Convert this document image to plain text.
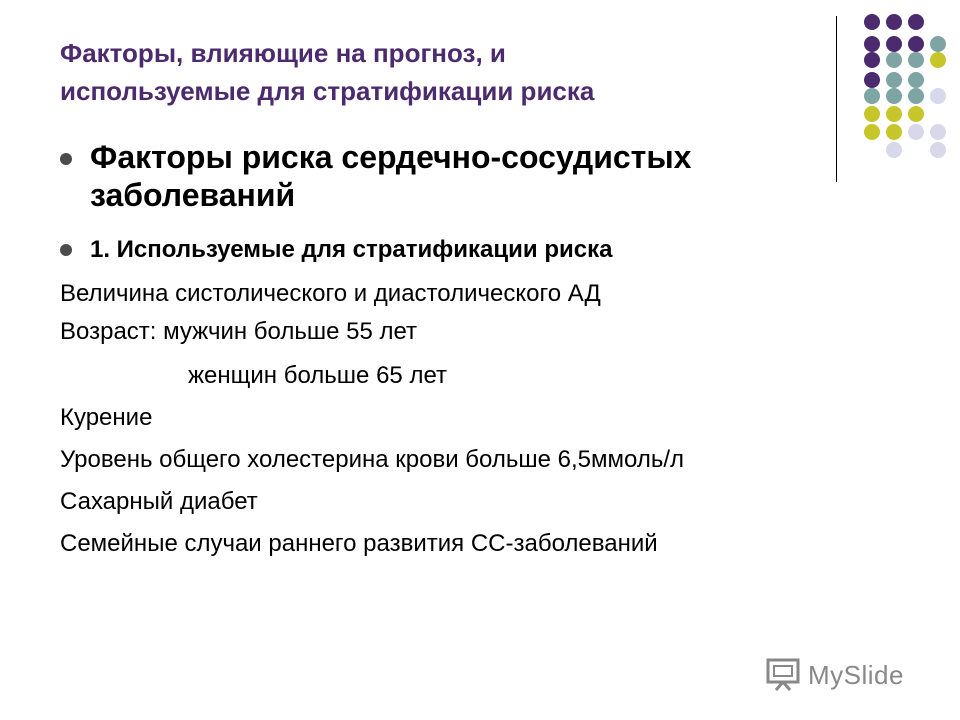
Факторы, влияющие на прогноз, и
используемые для стратификации риска
Факторы риска сердечно-сосудистых
заболеваний
1. Используемые для стратификации риска
Величина систолического и диастолического АД
Возраст: мужчин больше 55 лет
женщин больше 65 лет
Курение
Уровень общего холестерина крови больше 6,5ммоль/л
Сахарный диабет
Семейные случаи раннего развития СС-заболеваний
MySlide
